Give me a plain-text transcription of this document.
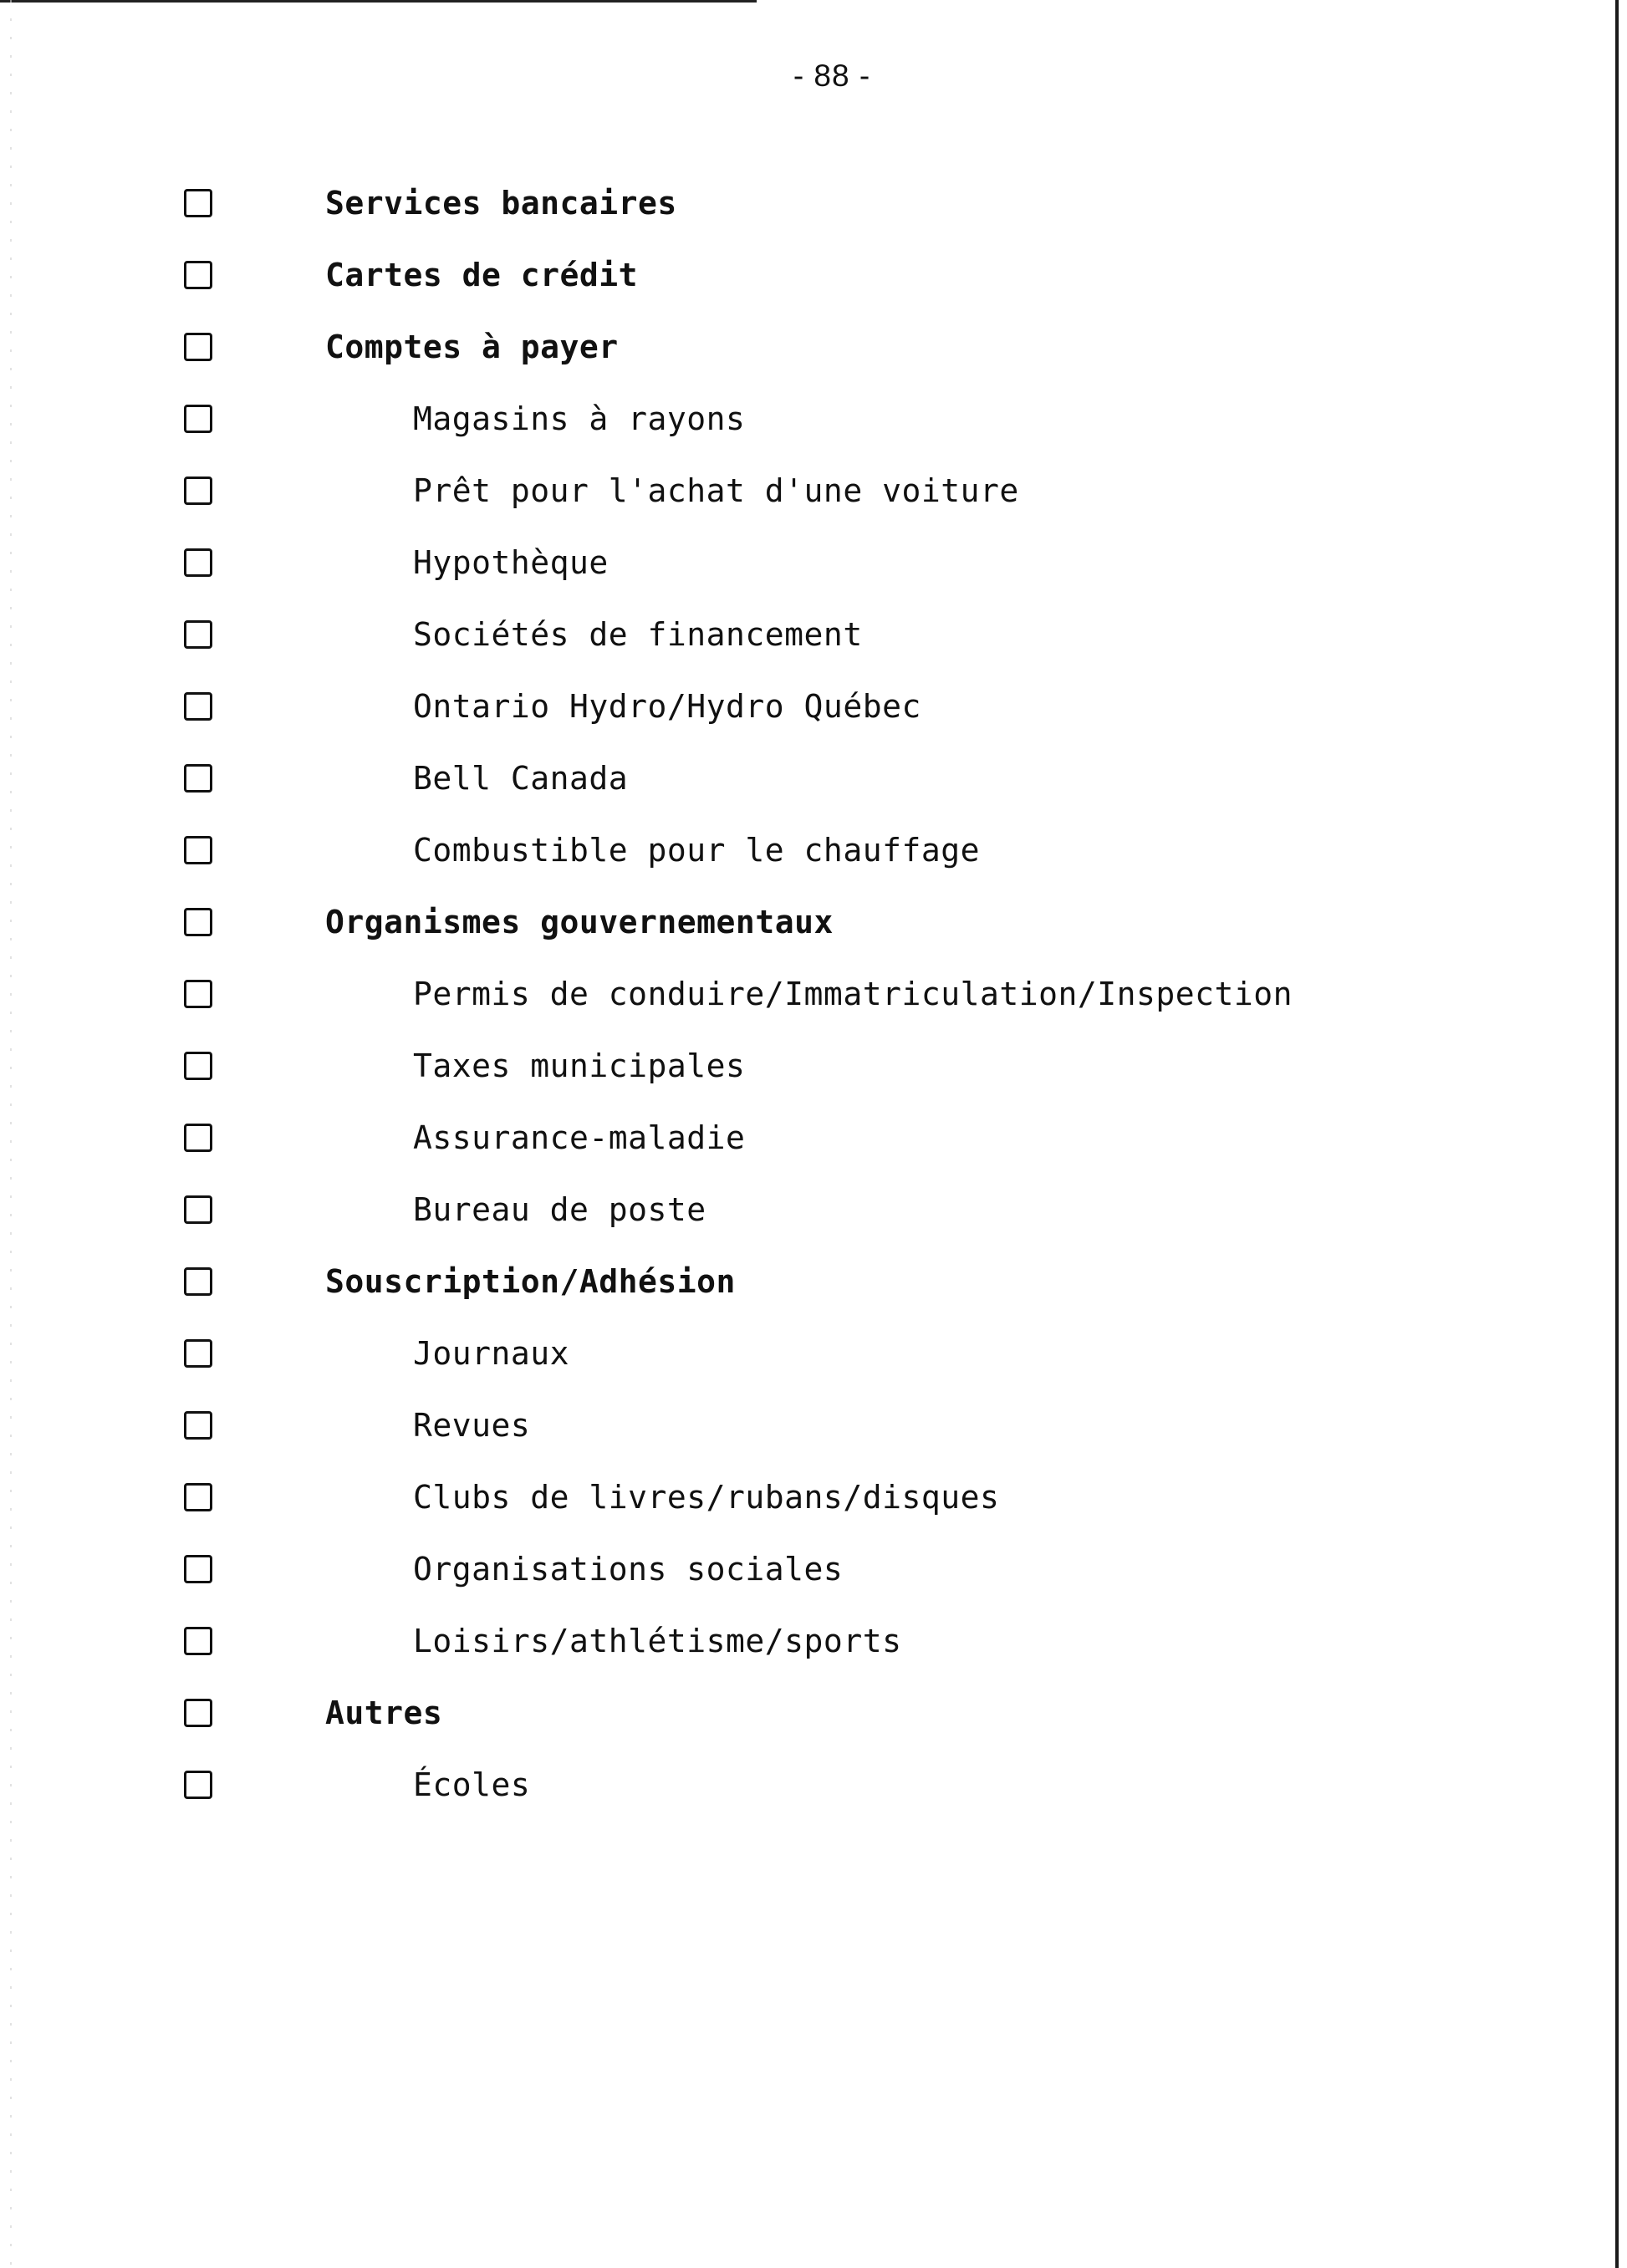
- 88 -
Services bancaires
Cartes de crédit
Comptes à payer
Magasins à rayons
Prêt pour l'achat d'une voiture
Hypothèque
Sociétés de financement
Ontario Hydro/Hydro Québec
Bell Canada
Combustible pour le chauffage
Organismes gouvernementaux
Permis de conduire/Immatriculation/Inspection
Taxes municipales
Assurance-maladie
Bureau de poste
Souscription/Adhésion
Journaux
Revues
Clubs de livres/rubans/disques
Organisations sociales
Loisirs/athlétisme/sports
Autres
Écoles
